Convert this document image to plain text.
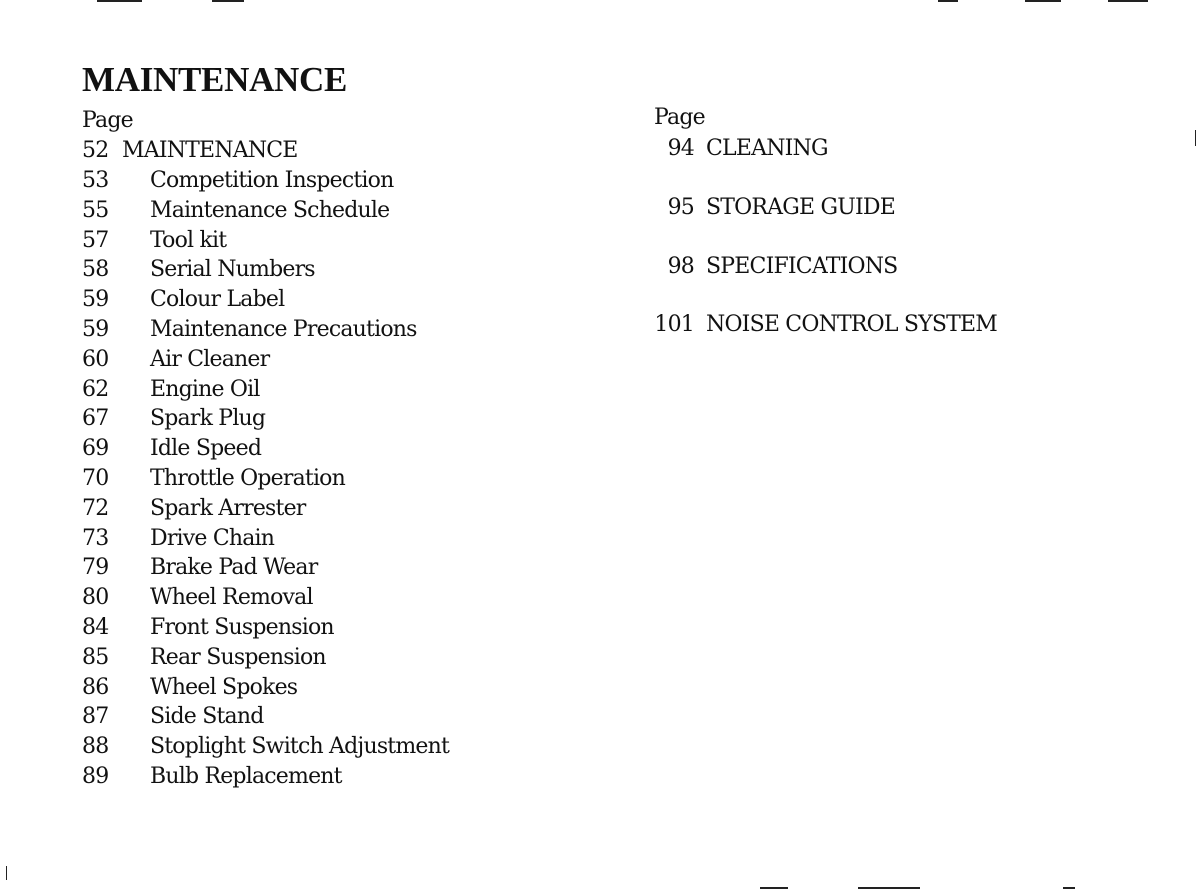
MAINTENANCE
Page
52 MAINTENANCE
53 Competition Inspection
55 Maintenance Schedule
57 Tool kit
58 Serial Numbers
59 Colour Label
59 Maintenance Precautions
60 Air Cleaner
62 Engine Oil
67 Spark Plug
69 Idle Speed
70 Throttle Operation
72 Spark Arrester
73 Drive Chain
79 Brake Pad Wear
80 Wheel Removal
84 Front Suspension
85 Rear Suspension
86 Wheel Spokes
87 Side Stand
88 Stoplight Switch Adjustment
89 Bulb Replacement
Page
94 CLEANING
95 STORAGE GUIDE
98 SPECIFICATIONS
101 NOISE CONTROL SYSTEM
